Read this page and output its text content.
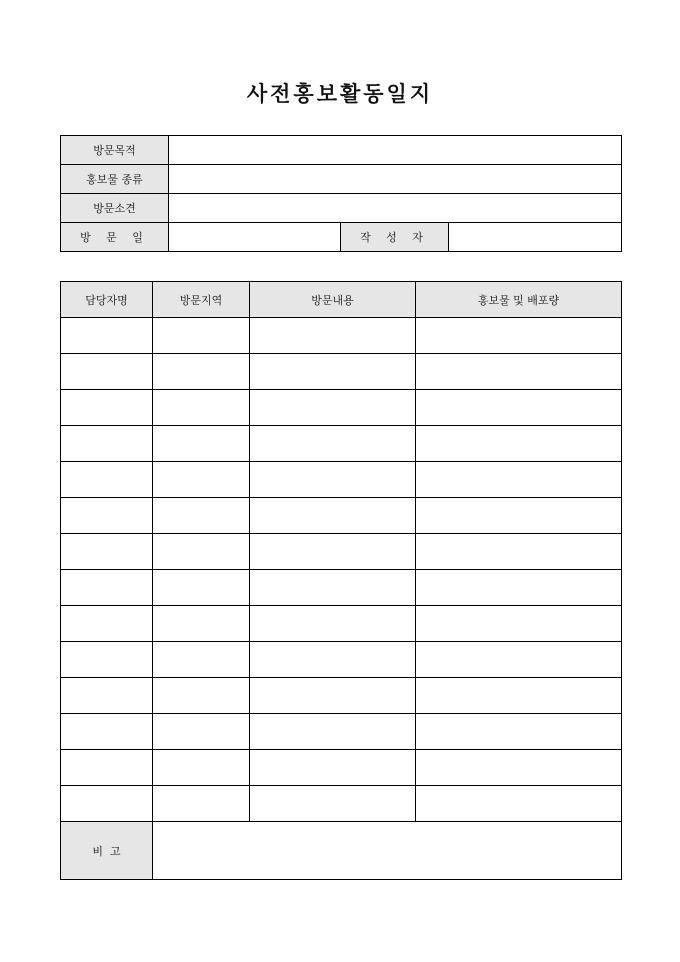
사전홍보활동일지
방문목적			
홍보물 종류			
방문소견			
방 문 일		작 성 자	
담당자명	방문지역	방문내용	홍보물 및 배포량

비  고			
